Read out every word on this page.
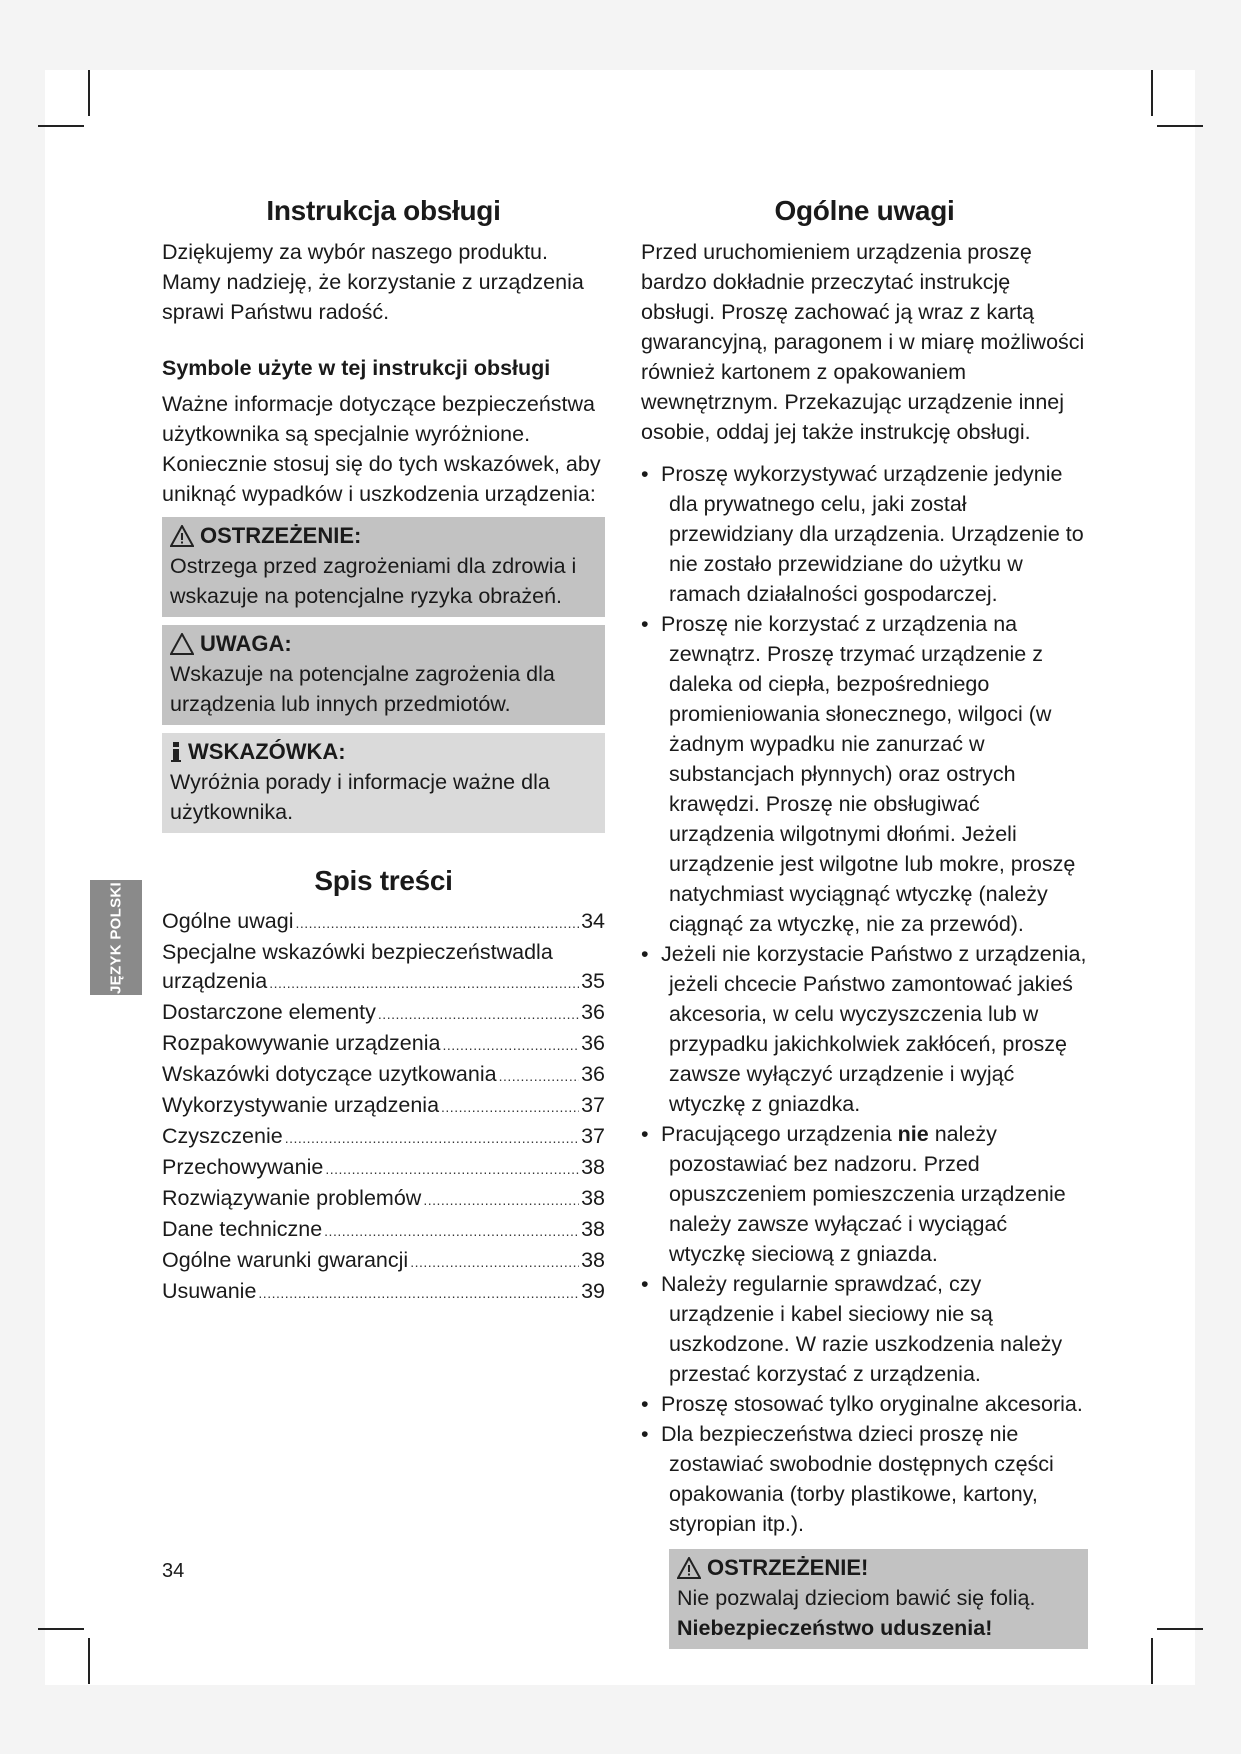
Instrukcja obsługi

Dziękujemy za wybór naszego produktu. Mamy nadzieję, że korzystanie z urządzenia sprawi Państwu radość.

Symbole użyte w tej instrukcji obsługi

Ważne informacje dotyczące bezpieczeństwa użytkownika są specjalnie wyróżnione. Koniecznie stosuj się do tych wskazówek, aby uniknąć wypadków i uszkodzenia urządzenia:

OSTRZEŻENIE:

Ostrzega przed zagrożeniami dla zdrowia i wskazuje na potencjalne ryzyka obrażeń.

UWAGA:

Wskazuje na potencjalne zagrożenia dla urządzenia lub innych przedmiotów.

WSKAZÓWKA:

Wyróżnia porady i informacje ważne dla użytkownika.

Spis treści
Ogólne uwagi .....	34
Specjalne wskazówki bezpieczeństwadla
urządzenia .....	35
Dostarczone elementy .....	36
Rozpakowywanie urządzenia .....	36
Wskazówki dotyczące uzytkowania .....	36
Wykorzystywanie urządzenia .....	37
Czyszczenie .....	37
Przechowywanie .....	38
Rozwiązywanie problemów .....	38
Dane techniczne .....	38
Ogólne warunki gwarancji .....	38
Usuwanie .....	39
Ogólne uwagi

Przed uruchomieniem urządzenia proszę bardzo dokładnie przeczytać instrukcję obsługi. Proszę zachować ją wraz z kartą gwarancyjną, paragonem i w miarę możliwości również kartonem z opakowaniem wewnętrznym. Przekazując urządzenie innej osobie, oddaj jej także instrukcję obsługi.

• Proszę wykorzystywać urządzenie jedynie dla prywatnego celu, jaki został przewidziany dla urządzenia. Urządzenie to nie zostało przewidziane do użytku w ramach działalności gospodarczej.
• Proszę nie korzystać z urządzenia na zewnątrz. Proszę trzymać urządzenie z daleka od ciepła, bezpośredniego promieniowania słonecznego, wilgoci (w żadnym wypadku nie zanurzać w substancjach płynnych) oraz ostrych krawędzi. Proszę nie obsługiwać urządzenia wilgotnymi dłońmi. Jeżeli urządzenie jest wilgotne lub mokre, proszę natychmiast wyciągnąć wtyczkę (należy ciągnąć za wtyczkę, nie za przewód).
• Jeżeli nie korzystacie Państwo z urządzenia, jeżeli chcecie Państwo zamontować jakieś akcesoria, w celu wyczyszczenia lub w przypadku jakichkolwiek zakłóceń, proszę zawsze wyłączyć urządzenie i wyjąć wtyczkę z gniazdka.
• Pracującego urządzenia nie należy pozostawiać bez nadzoru. Przed opuszczeniem pomieszczenia urządzenie należy zawsze wyłączać i wyciągać wtyczkę sieciową z gniazda.
• Należy regularnie sprawdzać, czy urządzenie i kabel sieciowy nie są uszkodzone. W razie uszkodzenia należy przestać korzystać z urządzenia.
• Proszę stosować tylko oryginalne akcesoria.
• Dla bezpieczeństwa dzieci proszę nie zostawiać swobodnie dostępnych części opakowania (torby plastikowe, kartony, styropian itp.).
OSTRZEŻENIE!

Nie pozwalaj dzieciom bawić się folią. Niebezpieczeństwo uduszenia!

JĘZYK POLSKI
34
